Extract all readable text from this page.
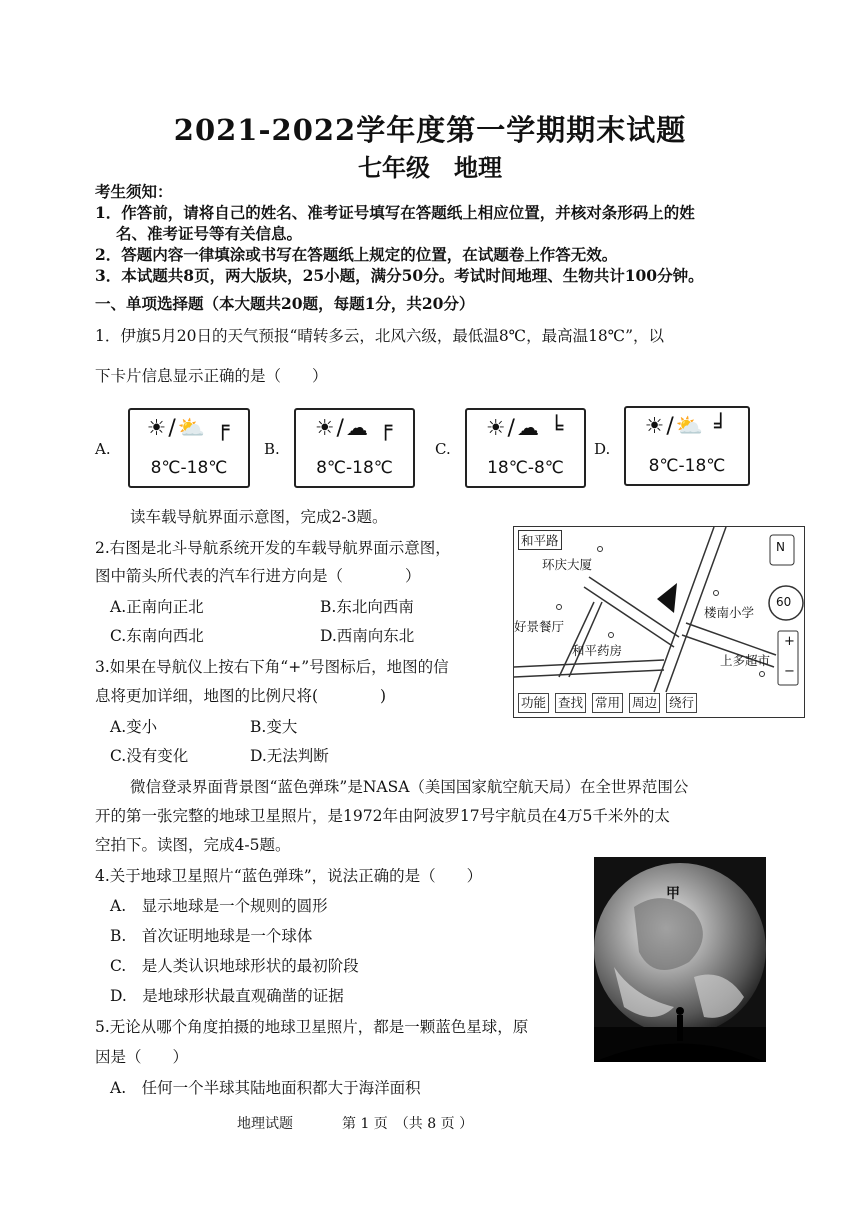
2021-2022学年度第一学期期末试题
七年级　地理
考生须知：
1．作答前，请将自己的姓名、准考证号填写在答题纸上相应位置，并核对条形码上的姓
名、准考证号等有关信息。
2．答题内容一律填涂或书写在答题纸上规定的位置，在试题卷上作答无效。
3．本试题共8页，两大版块，25小题，满分50分。考试时间地理、生物共计100分钟。
一、单项选择题（本大题共20题，每题1分，共20分）
1．伊旗5月20日的天气预报“晴转多云，北风六级，最低温8℃，最高温18℃”，以
下卡片信息显示正确的是（　　）
A.
☀/⛅ ╒
8℃-18℃
B.
☀/☁ ╒
8℃-18℃
C.
☀/☁ ╘
18℃-8℃
D.
☀/⛅ ╛
8℃-18℃
读车载导航界面示意图，完成2-3题。
2.右图是北斗导航系统开发的车载导航界面示意图，
图中箭头所代表的汽车行进方向是（　　　　）
A.正南向正北	B.东北向西南
C.东南向西北	D.西南向东北
3.如果在导航仪上按右下角“+”号图标后，地图的信
息将更加详细，地图的比例尺将(　　　　)
A.变小	B.变大
C.没有变化	D.无法判断
和平路
环庆大厦
楼南小学
好景餐厅
和平药房
上多超市
N
60
+
−
功能 查找 常用 周边 绕行
微信登录界面背景图“蓝色弹珠”是NASA（美国国家航空航天局）在全世界范围公
开的第一张完整的地球卫星照片，是1972年由阿波罗17号宇航员在4万5千米外的太
空拍下。读图，完成4-5题。
甲
4.关于地球卫星照片“蓝色弹珠”，说法正确的是（　　）
A.　显示地球是一个规则的圆形
B.　首次证明地球是一个球体
C.　是人类认识地球形状的最初阶段
D.　是地球形状最直观确凿的证据
5.无论从哪个角度拍摄的地球卫星照片，都是一颗蓝色星球，原
因是（　　）
A.　任何一个半球其陆地面积都大于海洋面积
地理试题	第 1 页　（共 8 页 ）
